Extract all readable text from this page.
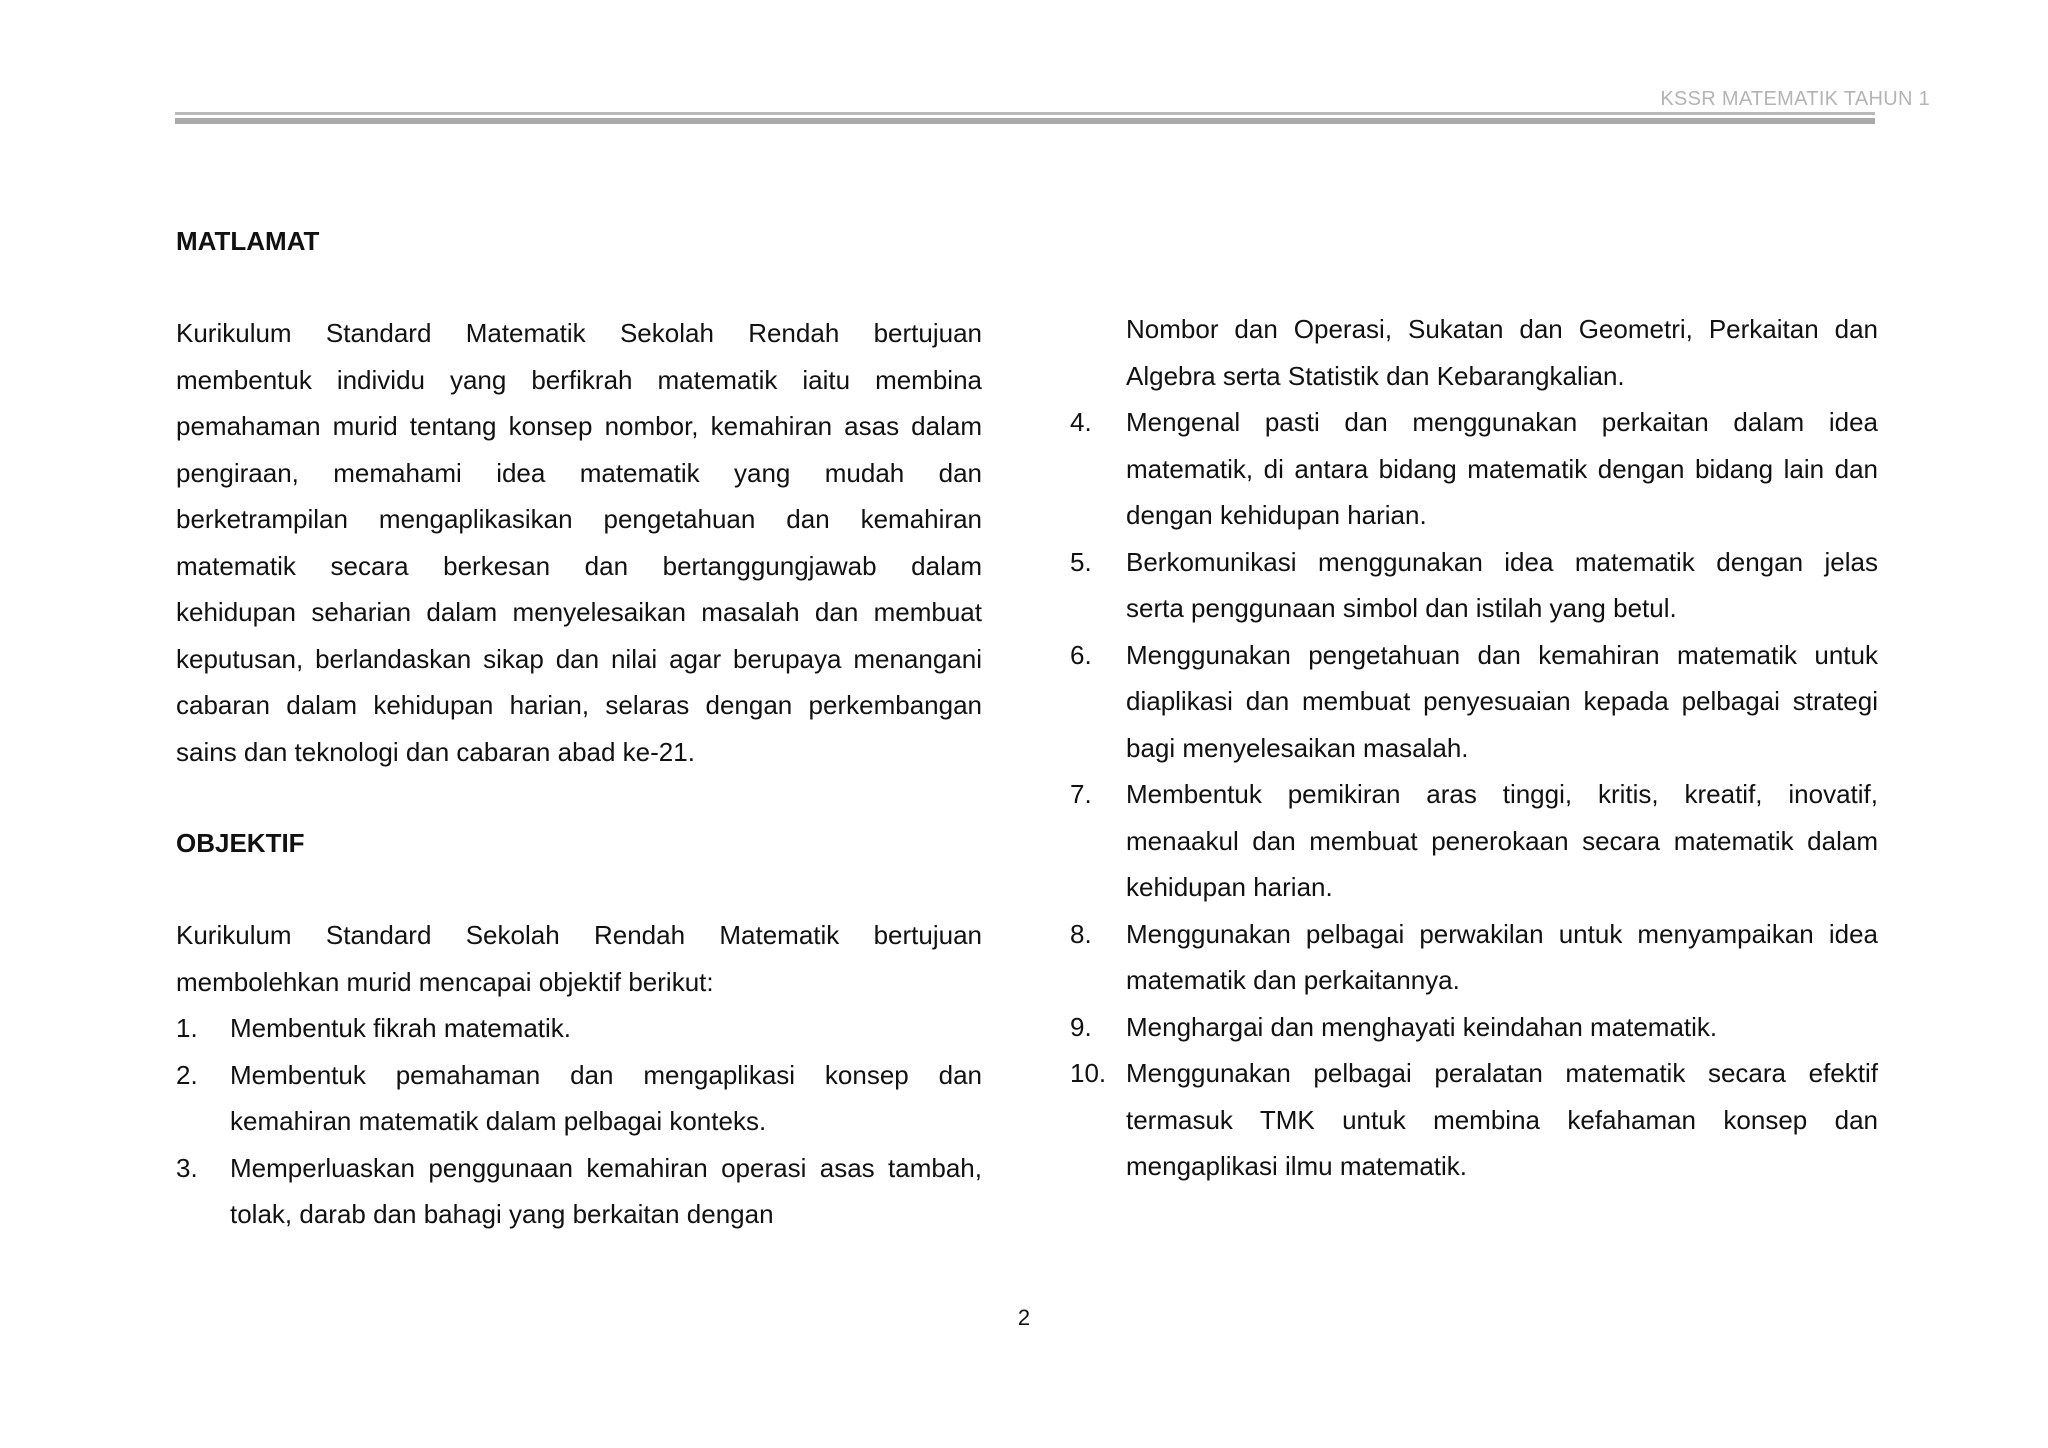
KSSR MATEMATIK TAHUN 1
MATLAMAT
Kurikulum Standard Matematik Sekolah Rendah bertujuan
membentuk individu yang berfikrah matematik iaitu membina
pemahaman murid tentang konsep nombor, kemahiran asas dalam
pengiraan, memahami idea matematik yang mudah dan
berketrampilan mengaplikasikan pengetahuan dan kemahiran
matematik secara berkesan dan bertanggungjawab dalam
kehidupan seharian dalam menyelesaikan masalah dan membuat
keputusan, berlandaskan sikap dan nilai agar berupaya menangani
cabaran dalam kehidupan harian, selaras dengan perkembangan
sains dan teknologi dan cabaran abad ke-21.
OBJEKTIF
Kurikulum Standard Sekolah Rendah Matematik bertujuan
membolehkan murid mencapai objektif berikut:
1. Membentuk fikrah matematik.
2. Membentuk pemahaman dan mengaplikasi konsep dan
kemahiran matematik dalam pelbagai konteks.
3. Memperluaskan penggunaan kemahiran operasi asas tambah,
tolak, darab dan bahagi yang berkaitan dengan
Nombor dan Operasi, Sukatan dan Geometri, Perkaitan dan
Algebra serta Statistik dan Kebarangkalian.
4. Mengenal pasti dan menggunakan perkaitan dalam idea
matematik, di antara bidang matematik dengan bidang lain dan
dengan kehidupan harian.
5. Berkomunikasi menggunakan idea matematik dengan jelas
serta penggunaan simbol dan istilah yang betul.
6. Menggunakan pengetahuan dan kemahiran matematik untuk
diaplikasi dan membuat penyesuaian kepada pelbagai strategi
bagi menyelesaikan masalah.
7. Membentuk pemikiran aras tinggi, kritis, kreatif, inovatif,
menaakul dan membuat penerokaan secara matematik dalam
kehidupan harian.
8. Menggunakan pelbagai perwakilan untuk menyampaikan idea
matematik dan perkaitannya.
9. Menghargai dan menghayati keindahan matematik.
10. Menggunakan pelbagai peralatan matematik secara efektif
termasuk TMK untuk membina kefahaman konsep dan
mengaplikasi ilmu matematik.
2
